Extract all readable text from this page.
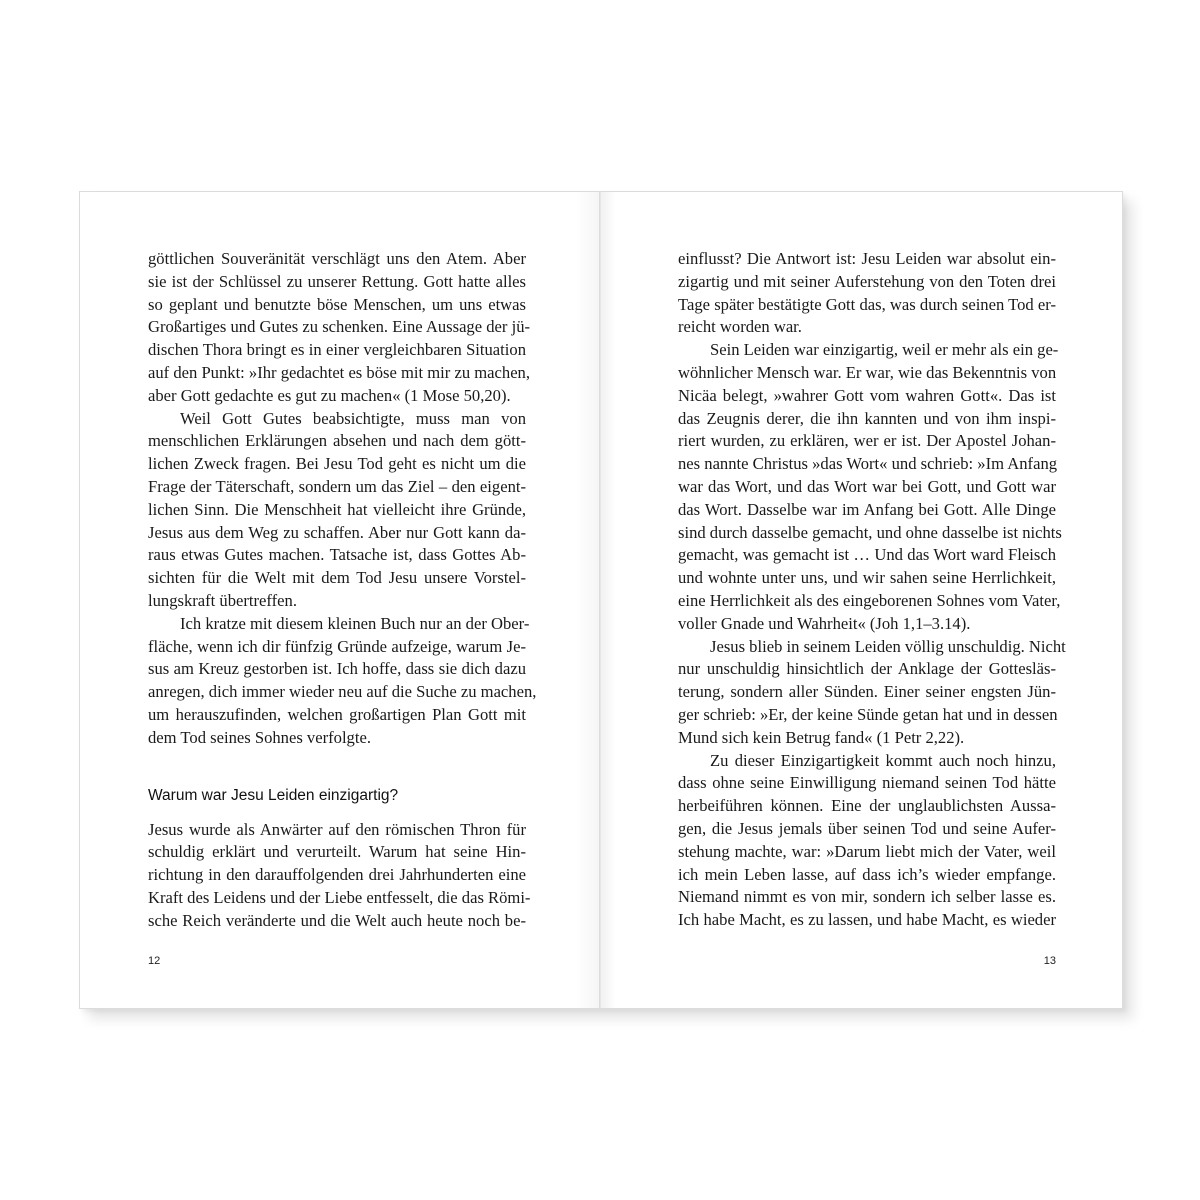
göttlichen Souveränität verschlägt uns den Atem. Aber
sie ist der Schlüssel zu unserer Rettung. Gott hatte alles
so geplant und benutzte böse Menschen, um uns etwas
Großartiges und Gutes zu schenken. Eine Aussage der jü-
dischen Thora bringt es in einer vergleichbaren Situation
auf den Punkt: »Ihr gedachtet es böse mit mir zu machen,
aber Gott gedachte es gut zu machen« (1 Mose 50,20).
Weil Gott Gutes beabsichtigte, muss man von
menschlichen Erklärungen absehen und nach dem gött-
lichen Zweck fragen. Bei Jesu Tod geht es nicht um die
Frage der Täterschaft, sondern um das Ziel – den eigent-
lichen Sinn. Die Menschheit hat vielleicht ihre Gründe,
Jesus aus dem Weg zu schaffen. Aber nur Gott kann da-
raus etwas Gutes machen. Tatsache ist, dass Gottes Ab-
sichten für die Welt mit dem Tod Jesu unsere Vorstel-
lungskraft übertreffen.
Ich kratze mit diesem kleinen Buch nur an der Ober-
fläche, wenn ich dir fünfzig Gründe aufzeige, warum Je-
sus am Kreuz gestorben ist. Ich hoffe, dass sie dich dazu
anregen, dich immer wieder neu auf die Suche zu machen,
um herauszufinden, welchen großartigen Plan Gott mit
dem Tod seines Sohnes verfolgte.
Warum war Jesu Leiden einzigartig?
Jesus wurde als Anwärter auf den römischen Thron für
schuldig erklärt und verurteilt. Warum hat seine Hin-
richtung in den darauffolgenden drei Jahrhunderten eine
Kraft des Leidens und der Liebe entfesselt, die das Römi-
sche Reich veränderte und die Welt auch heute noch be-
12
einflusst? Die Antwort ist: Jesu Leiden war absolut ein-
zigartig und mit seiner Auferstehung von den Toten drei
Tage später bestätigte Gott das, was durch seinen Tod er-
reicht worden war.
Sein Leiden war einzigartig, weil er mehr als ein ge-
wöhnlicher Mensch war. Er war, wie das Bekenntnis von
Nicäa belegt, »wahrer Gott vom wahren Gott«. Das ist
das Zeugnis derer, die ihn kannten und von ihm inspi-
riert wurden, zu erklären, wer er ist. Der Apostel Johan-
nes nannte Christus »das Wort« und schrieb: »Im Anfang
war das Wort, und das Wort war bei Gott, und Gott war
das Wort. Dasselbe war im Anfang bei Gott. Alle Dinge
sind durch dasselbe gemacht, und ohne dasselbe ist nichts
gemacht, was gemacht ist … Und das Wort ward Fleisch
und wohnte unter uns, und wir sahen seine Herrlichkeit,
eine Herrlichkeit als des eingeborenen Sohnes vom Vater,
voller Gnade und Wahrheit« (Joh 1,1–3.14).
Jesus blieb in seinem Leiden völlig unschuldig. Nicht
nur unschuldig hinsichtlich der Anklage der Gottesläs-
terung, sondern aller Sünden. Einer seiner engsten Jün-
ger schrieb: »Er, der keine Sünde getan hat und in dessen
Mund sich kein Betrug fand« (1 Petr 2,22).
Zu dieser Einzigartigkeit kommt auch noch hinzu,
dass ohne seine Einwilligung niemand seinen Tod hätte
herbeiführen können. Eine der unglaublichsten Aussa-
gen, die Jesus jemals über seinen Tod und seine Aufer-
stehung machte, war: »Darum liebt mich der Vater, weil
ich mein Leben lasse, auf dass ich’s wieder empfange.
Niemand nimmt es von mir, sondern ich selber lasse es.
Ich habe Macht, es zu lassen, und habe Macht, es wieder
13
